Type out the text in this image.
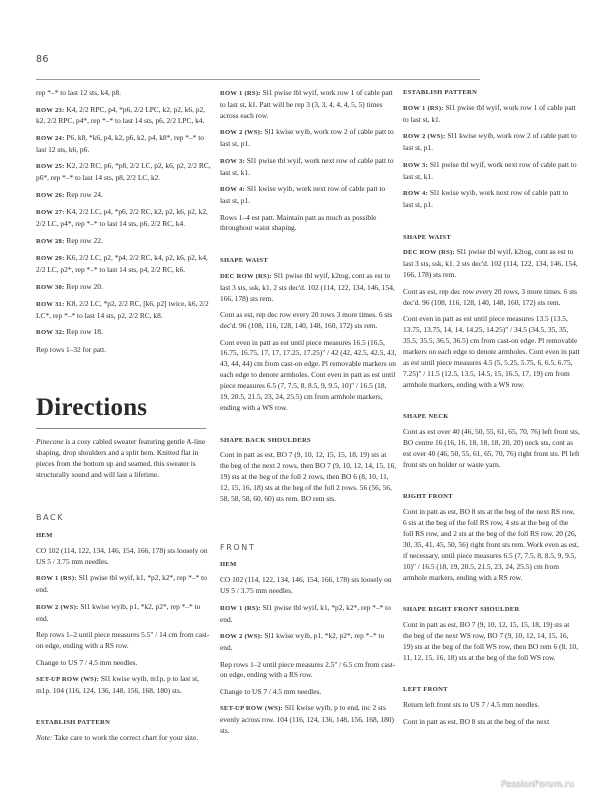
86

rep *–* to last 12 sts, k4, p8.

ROW 23: K4, 2/2 RPC, p4, *p6, 2/2 LPC, k2, p2, k6, p2, k2, 2/2 RPC, p4*, rep *–* to last 14 sts, p6, 2/2 LPC, k4.

ROW 24: P6, k8, *k6, p4, k2, p6, k2, p4, k8*, rep *–* to last 12 sts, k6, p6.

ROW 25: K2, 2/2 RC, p6, *p8, 2/2 LC, p2, k6, p2, 2/2 RC, p6*, rep *–* to last 14 sts, p8, 2/2 LC, k2.

ROW 26: Rep row 24.

ROW 27: K4, 2/2 LC, p4, *p6, 2/2 RC, k2, p2, k6, p2, k2, 2/2 LC, p4*, rep *–* to last 14 sts, p6, 2/2 RC, k4.

ROW 28: Rep row 22.

ROW 29: K6, 2/2 LC, p2, *p4, 2/2 RC, k4, p2, k6, p2, k4, 2/2 LC, p2*, rep *–* to last 14 sts, p4, 2/2 RC, k6.

ROW 30: Rep row 20.

ROW 31: K8, 2/2 LC, *p2, 2/2 RC, [k6, p2] twice, k6, 2/2 LC*, rep *–* to last 14 sts, p2, 2/2 RC, k8.

ROW 32: Rep row 18.

Rep rows 1–32 for patt.

Directions

Pinecone is a cosy cabled sweater featuring gentle A-line shaping, drop shoulders and a split hem. Knitted flat in pieces from the bottom up and seamed, this sweater is structurally sound and will last a lifetime.

BACK
HEM

CO 102 (114, 122, 134, 146, 154, 166, 178) sts loosely on US 5 / 3.75 mm needles.

ROW 1 (RS): Sl1 pwise tbl wyif, k1, *p2, k2*, rep *–* to end.

ROW 2 (WS): Sl1 kwise wyib, p1, *k2, p2*, rep *–* to end.

Rep rows 1–2 until piece measures 5.5" / 14 cm from cast-on edge, ending with a RS row.

Change to US 7 / 4.5 mm needles.

SET-UP ROW (WS): Sl1 kwise wyib, m1p, p to last st, m1p. 104 (116, 124, 136, 148, 156, 168, 180) sts.

ESTABLISH PATTERN

Note: Take care to work the correct chart for your size.

ROW 1 (RS): Sl1 pwise tbl wyif, work row 1 of cable patt to last st, k1. Patt will be rep 3 (3, 3, 4, 4, 4, 5, 5) times across each row.

ROW 2 (WS): Sl1 kwise wyib, work row 2 of cable patt to last st, p1.

ROW 3: Sl1 pwise tbl wyif, work next row of cable patt to last st, k1.

ROW 4: Sl1 kwise wyib, work next row of cable patt to last st, p1.

Rows 1–4 est patt. Maintain patt as much as possible throughout waist shaping.

SHAPE WAIST

DEC ROW (RS): Sl1 pwise tbl wyif, k2tog, cont as est to last 3 sts, ssk, k1. 2 sts dec'd. 102 (114, 122, 134, 146, 154, 166, 178) sts rem.

Cont as est, rep dec row every 20 rows 3 more times. 6 sts dec'd. 96 (108, 116, 128, 140, 148, 160, 172) sts rem.

Cont even in patt as est until piece measures 16.5 (16.5, 16.75, 16.75, 17, 17, 17.25, 17.25)" / 42 (42, 42.5, 42.5, 43, 43, 44, 44) cm from cast-on edge. Pl removable markers on each edge to denote armholes. Cont even in patt as est until piece measures 6.5 (7, 7.5, 8, 8.5, 9, 9.5, 10)" / 16.5 (18, 19, 20.5, 21.5, 23, 24, 25.5) cm from armhole markers, ending with a WS row.

SHAPE BACK SHOULDERS

Cont in patt as est, BO 7 (9, 10, 12, 15, 15, 18, 19) sts at the beg of the next 2 rows, then BO 7 (9, 10, 12, 14, 15, 16, 19) sts at the beg of the foll 2 rows, then BO 6 (8, 10, 11, 12, 15, 16, 18) sts at the beg of the foll 2 rows. 56 (56, 56, 58, 58, 58, 60, 60) sts rem. BO rem sts.

FRONT
HEM

CO 102 (114, 122, 134, 146, 154, 166, 178) sts loosely on US 5 / 3.75 mm needles.

ROW 1 (RS): Sl1 pwise tbl wyif, k1, *p2, k2*, rep *–* to end.

ROW 2 (WS): Sl1 kwise wyib, p1, *k2, p2*, rep *–* to end.

Rep rows 1–2 until piece measures 2.5" / 6.5 cm from cast-on edge, ending with a RS row.

Change to US 7 / 4.5 mm needles.

SET-UP ROW (WS): Sl1 kwise wyib, p to end, inc 2 sts evenly across row. 104 (116, 124, 136, 148, 156, 168, 180) sts.

ESTABLISH PATTERN

ROW 1 (RS): Sl1 pwise tbl wyif, work row 1 of cable patt to last st, k1.

ROW 2 (WS): Sl1 kwise wyib, work row 2 of cable patt to last st, p1.

ROW 3: Sl1 pwise tbl wyif, work next row of cable patt to last st, k1.

ROW 4: Sl1 kwise wyib, work next row of cable patt to last st, p1.

SHAPE WAIST

DEC ROW (RS): Sl1 pwise tbl wyif, k2tog, cont as est to last 3 sts, ssk, k1. 2 sts dec'd. 102 (114, 122, 134, 146, 154, 166, 178) sts rem.

Cont as est, rep dec row every 20 rows, 3 more times. 6 sts dec'd. 96 (108, 116, 128, 140, 148, 160, 172) sts rem.

Cont even in patt as est until piece measures 13.5 (13.5, 13.75, 13.75, 14, 14, 14.25, 14.25)" / 34.5 (34.5, 35, 35, 35.5, 35.5, 36.5, 36.5) cm from cast-on edge. Pl removable markers on each edge to denote armholes. Cont even in patt as est until piece measures 4.5 (5, 5.25, 5.75, 6, 6.5, 6.75, 7.25)" / 11.5 (12.5, 13.5, 14.5, 15, 16.5, 17, 19) cm from armhole markers, ending with a WS row.

SHAPE NECK

Cont as est over 40 (46, 50, 55, 61, 65, 70, 76) left front sts, BO centre 16 (16, 16, 18, 18, 18, 20, 20) neck sts, cont as est over 40 (46, 50, 55, 61, 65, 70, 76) right front sts. Pl left front sts on holder or waste yarn.

RIGHT FRONT

Cont in patt as est, BO 8 sts at the beg of the next RS row, 6 sts at the beg of the foll RS row, 4 sts at the beg of the foll RS row, and 2 sts at the beg of the foll RS row. 20 (26, 30, 35, 41, 45, 50, 56) right front sts rem. Work even as est, if necessary, until piece measures 6.5 (7, 7.5, 8, 8.5, 9, 9.5, 10)" / 16.5 (18, 19, 20.5, 21.5, 23, 24, 25.5) cm from armhole markers, ending with a RS row.

SHAPE RIGHT FRONT SHOULDER

Cont in patt as est, BO 7 (9, 10, 12, 15, 15, 18, 19) sts at the beg of the next WS row, BO 7 (9, 10, 12, 14, 15, 16, 19) sts at the beg of the foll WS row, then BO rem 6 (8, 10, 11, 12, 15, 16, 18) sts at the beg of the foll WS row.

LEFT FRONT

Return left front sts to US 7 / 4.5 mm needles.

Cont in patt as est, BO 8 sts at the beg of the next

PassionForum.ru
